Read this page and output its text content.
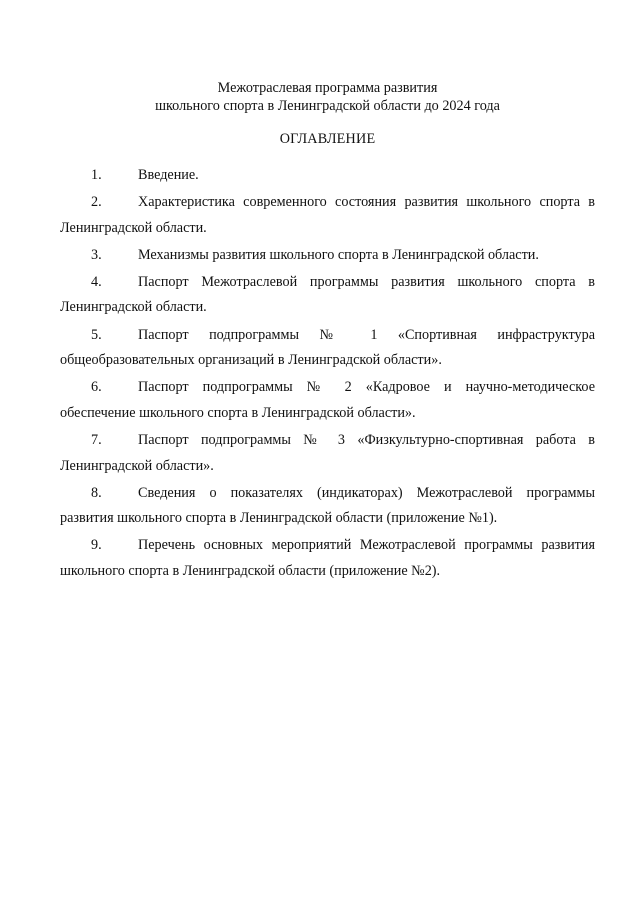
Межотраслевая программа развития
школьного спорта в Ленинградской области до 2024 года
ОГЛАВЛЕНИЕ
1.	Введение.
2.	Характеристика современного состояния развития школьного спорта в Ленинградской области.
3.	Механизмы развития школьного спорта в Ленинградской области.
4.	Паспорт Межотраслевой программы развития школьного спорта в Ленинградской области.
5.	Паспорт подпрограммы № 1 «Спортивная инфраструктура общеобразовательных организаций в Ленинградской области».
6.	Паспорт подпрограммы № 2 «Кадровое и научно-методическое обеспечение школьного спорта в Ленинградской области».
7.	Паспорт подпрограммы № 3 «Физкультурно-спортивная работа в Ленинградской области».
8.	Сведения о показателях (индикаторах) Межотраслевой программы развития школьного спорта в Ленинградской области (приложение №1).
9.	Перечень основных мероприятий Межотраслевой программы развития школьного спорта в Ленинградской области (приложение №2).
